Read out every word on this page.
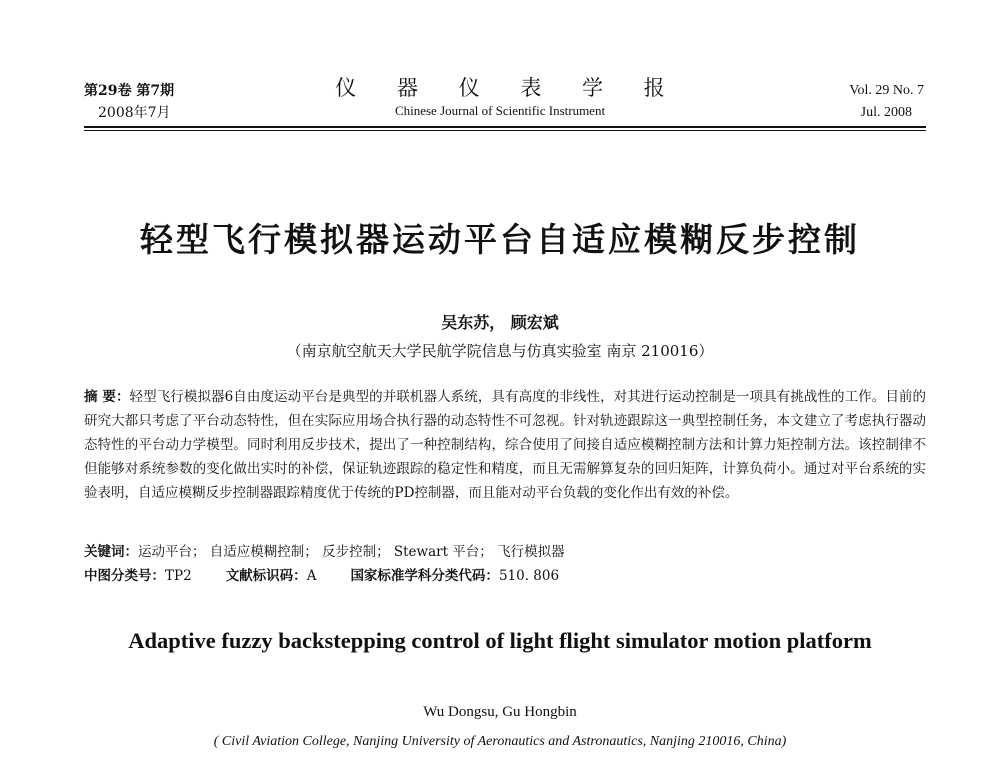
第29卷 第7期
2008年7月
仪 器 仪 表 学 报
Chinese Journal of Scientific Instrument
Vol. 29 No. 7
Jul. 2008
轻型飞行模拟器运动平台自适应模糊反步控制
吴东苏， 顾宏斌
（南京航空航天大学民航学院信息与仿真实验室 南京 210016）
摘 要：轻型飞行模拟器6自由度运动平台是典型的并联机器人系统，具有高度的非线性，对其进行运动控制是一项具有挑战性的工作。目前的研究大都只考虑了平台动态特性，但在实际应用场合执行器的动态特性不可忽视。针对轨迹跟踪这一典型控制任务，本文建立了考虑执行器动态特性的平台动力学模型。同时利用反步技术，提出了一种控制结构，综合使用了间接自适应模糊控制方法和计算力矩控制方法。该控制律不但能够对系统参数的变化做出实时的补偿，保证轨迹跟踪的稳定性和精度，而且无需解算复杂的回归矩阵，计算负荷小。通过对平台系统的实验表明，自适应模糊反步控制器跟踪精度优于传统的PD控制器，而且能对动平台负载的变化作出有效的补偿。
关键词：运动平台； 自适应模糊控制； 反步控制； Stewart 平台； 飞行模拟器
中图分类号：TP2	文献标识码：A	国家标准学科分类代码：510. 806
Adaptive fuzzy backstepping control of light flight simulator motion platform
Wu Dongsu, Gu Hongbin
( Civil Aviation College, Nanjing University of Aeronautics and Astronautics, Nanjing 210016, China)
